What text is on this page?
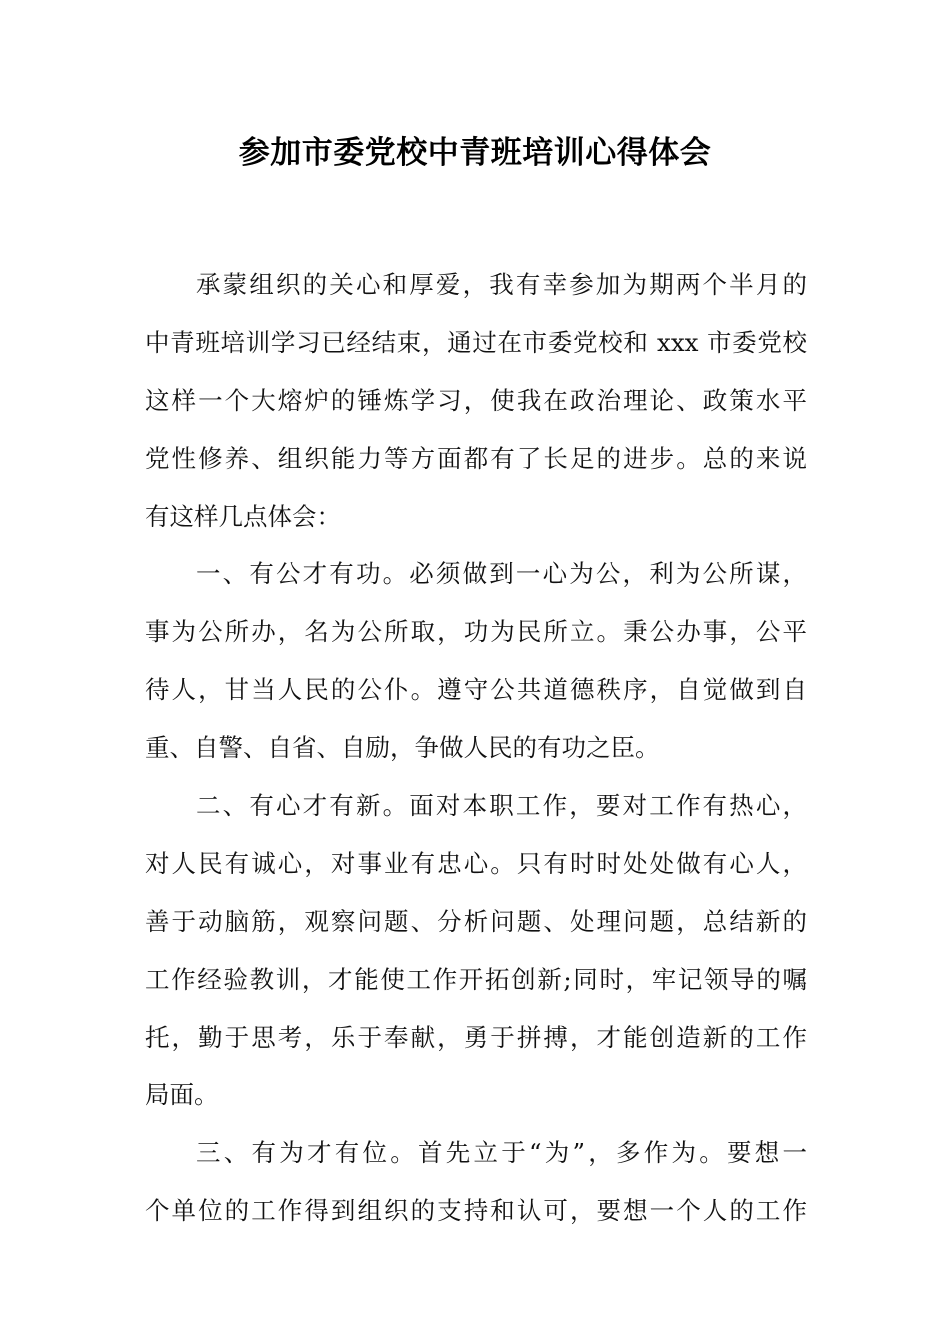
参加市委党校中青班培训心得体会
承蒙组织的关心和厚爱，我有幸参加为期两个半月的
中青班培训学习已经结束，通过在市委党校和 xxx 市委党校
这样一个大熔炉的锤炼学习，使我在政治理论、政策水平
党性修养、组织能力等方面都有了长足的进步。总的来说
有这样几点体会：
一、有公才有功。必须做到一心为公，利为公所谋，
事为公所办，名为公所取，功为民所立。秉公办事，公平
待人，甘当人民的公仆。遵守公共道德秩序，自觉做到自
重、自警、自省、自励，争做人民的有功之臣。
二、有心才有新。面对本职工作，要对工作有热心，
对人民有诚心，对事业有忠心。只有时时处处做有心人，
善于动脑筋，观察问题、分析问题、处理问题，总结新的
工作经验教训，才能使工作开拓创新;同时，牢记领导的嘱
托，勤于思考，乐于奉献，勇于拼搏，才能创造新的工作
局面。
三、有为才有位。首先立于“为”，多作为。要想一
个单位的工作得到组织的支持和认可，要想一个人的工作
